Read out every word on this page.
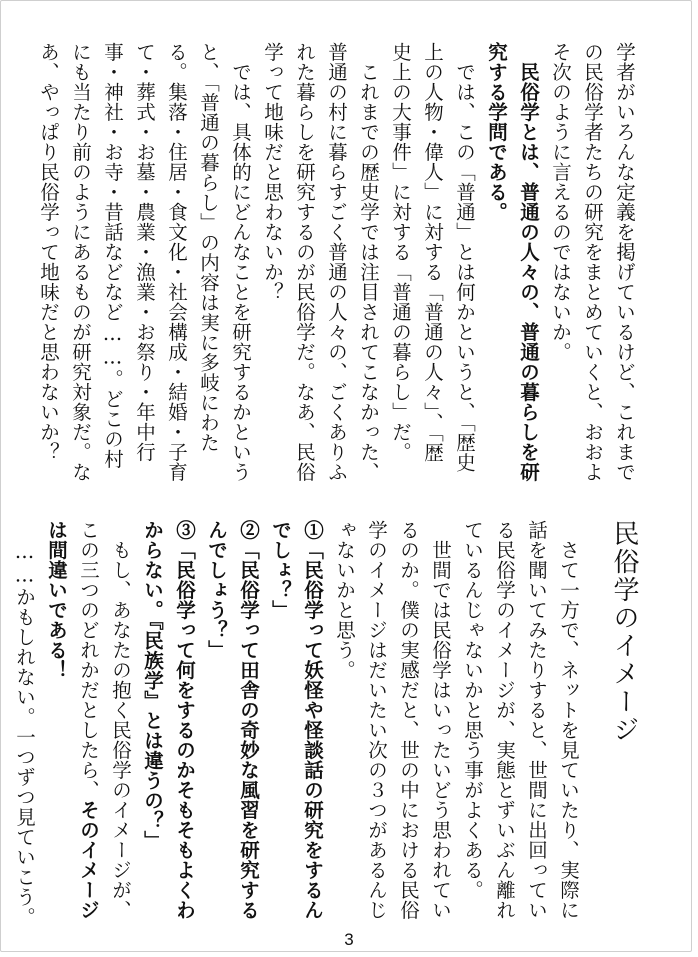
学者がいろんな定義を掲げているけど、これまでの民俗学者たちの研究をまとめていくと、おおよそ次のように言えるのではないか。

民俗学とは、普通の人々の、普通の暮らしを研究する学問である。

では、この「普通」とは何かというと、「歴史上の人物・偉人」に対する「普通の人々」、「歴史上の大事件」に対する「普通の暮らし」だ。

これまでの歴史学では注目されてこなかった、普通の村に暮らすごく普通の人々の、ごくありふれた暮らしを研究するのが民俗学だ。なあ、民俗学って地味だと思わないか？

では、具体的にどんなことを研究するかというと、「普通の暮らし」の内容は実に多岐にわたる。集落・住居・食文化・社会構成・結婚・子育て・葬式・お墓・農業・漁業・お祭り・年中行事・神社・お寺・昔話などなど……。どこの村にも当たり前のようにあるものが研究対象だ。なあ、やっぱり民俗学って地味だと思わないか？

民俗学のイメージ

さて一方で、ネットを見ていたり、実際に話を聞いてみたりすると、世間に出回っている民俗学のイメージが、実態とずいぶん離れているんじゃないかと思う事がよくある。

世間では民俗学はいったいどう思われているのか。僕の実感だと、世の中における民俗学のイメージはだいたい次の３つがあるんじゃないかと思う。

①「民俗学って妖怪や怪談話の研究をするんでしょ？」

②「民俗学って田舎の奇妙な風習を研究するんでしょう？」

③「民俗学って何をするのかそもそもよくわからない。『民族学』とは違うの？」

もし、あなたの抱く民俗学のイメージが、この三つのどれかだとしたら、そのイメージは間違いである！

……かもしれない。一つずつ見ていこう。

3
